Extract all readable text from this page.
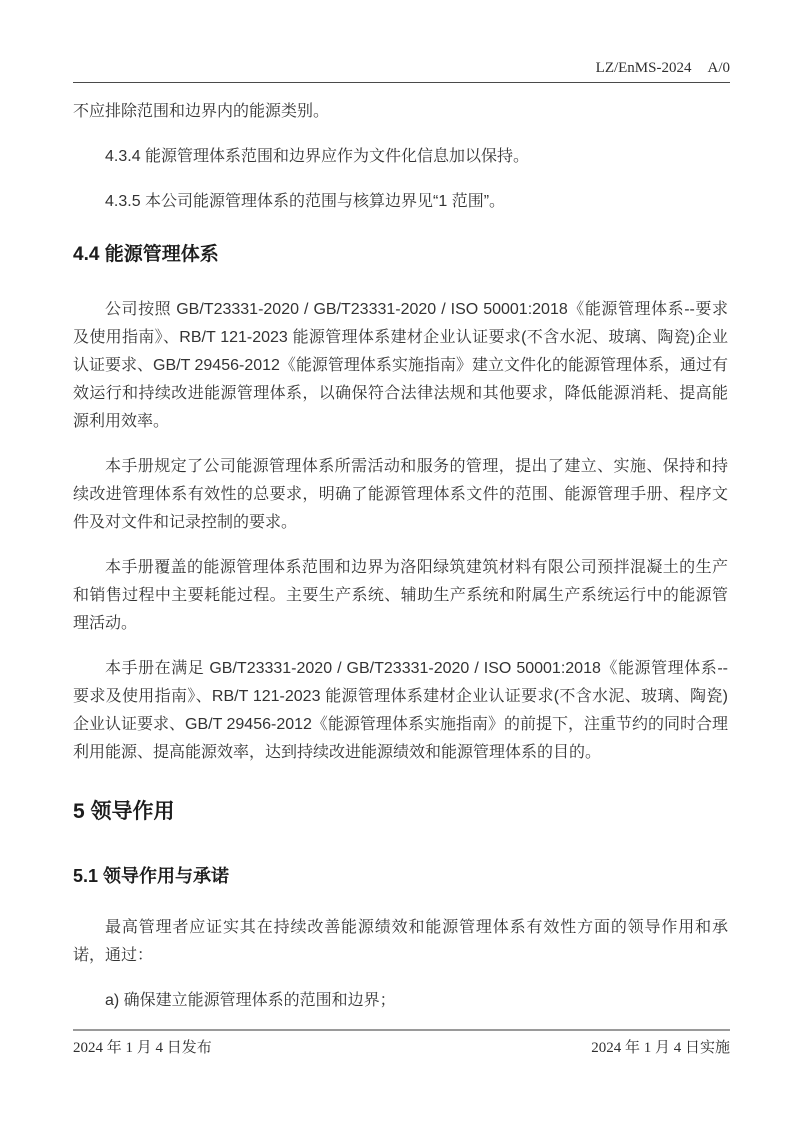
LZ/EnMS-2024 A/0

不应排除范围和边界内的能源类别。

4.3.4 能源管理体系范围和边界应作为文件化信息加以保持。

4.3.5 本公司能源管理体系的范围与核算边界见“1 范围”。

4.4 能源管理体系

公司按照 GB/T23331-2020 / GB/T23331-2020 / ISO 50001:2018《能源管理体系--要求及使用指南》、RB/T 121-2023 能源管理体系建材企业认证要求(不含水泥、玻璃、陶瓷)企业认证要求、GB/T 29456-2012《能源管理体系实施指南》建立文件化的能源管理体系，通过有效运行和持续改进能源管理体系，以确保符合法律法规和其他要求，降低能源消耗、提高能源利用效率。

本手册规定了公司能源管理体系所需活动和服务的管理，提出了建立、实施、保持和持续改进管理体系有效性的总要求，明确了能源管理体系文件的范围、能源管理手册、程序文件及对文件和记录控制的要求。

本手册覆盖的能源管理体系范围和边界为洛阳绿筑建筑材料有限公司预拌混凝土的生产和销售过程中主要耗能过程。主要生产系统、辅助生产系统和附属生产系统运行中的能源管理活动。

本手册在满足 GB/T23331-2020 / GB/T23331-2020 / ISO 50001:2018《能源管理体系--要求及使用指南》、RB/T 121-2023 能源管理体系建材企业认证要求(不含水泥、玻璃、陶瓷)企业认证要求、GB/T 29456-2012《能源管理体系实施指南》的前提下，注重节约的同时合理利用能源、提高能源效率，达到持续改进能源绩效和能源管理体系的目的。

5 领导作用
5.1 领导作用与承诺

最高管理者应证实其在持续改善能源绩效和能源管理体系有效性方面的领导作用和承诺，通过：

a) 确保建立能源管理体系的范围和边界；

2024 年 1 月 4 日发布	2024 年 1 月 4 日实施
